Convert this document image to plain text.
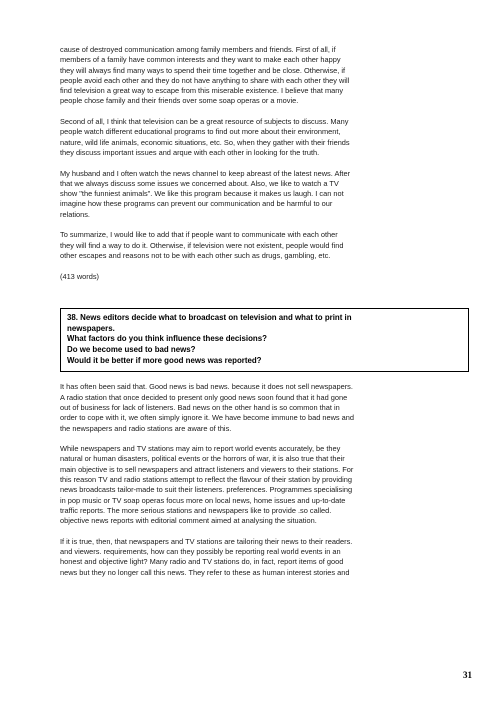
cause of destroyed communication among family members and friends. First of all, if
members of a family have common interests and they want to make each other happy
they will always find many ways to spend their time together and be close. Otherwise, if
people avoid each other and they do not have anything to share with each other they will
find television a great way to escape from this miserable existence. I believe that many
people chose family and their friends over some soap operas or a movie.

Second of all, I think that television can be a great resource of subjects to discuss. Many
people watch different educational programs to find out more about their environment,
nature, wild life animals, economic situations, etc. So, when they gather with their friends
they discuss important issues and arque with each other in looking for the truth.

My husband and I often watch the news channel to keep abreast of the latest news. After
that we always discuss some issues we concerned about. Also, we like to watch a TV
show "the funniest animals". We like this program because it makes us laugh. I can not
imagine how these programs can prevent our communication and be harmful to our
relations.

To summarize, I would like to add that if people want to communicate with each other
they will find a way to do it. Otherwise, if television were not existent, people would find
other escapes and reasons not to be with each other such as drugs, gambling, etc.

(413 words)

38. News editors decide what to broadcast on television and what to print in
newspapers.
What factors do you think influence these decisions?
Do we become used to bad news?
Would it be better if more good news was reported?

It has often been said that. Good news is bad news. because it does not sell newspapers.
A radio station that once decided to present only good news soon found that it had gone
out of business for lack of listeners. Bad news on the other hand is so common that in
order to cope with it, we often simply ignore it. We have become immune to bad news and
the newspapers and radio stations are aware of this.

While newspapers and TV stations may aim to report world events accurately, be they
natural or human disasters, political events or the horrors of war, it is also true that their
main objective is to sell newspapers and attract listeners and viewers to their stations. For
this reason TV and radio stations attempt to reflect the flavour of their station by providing
news broadcasts tailor-made to suit their listeners. preferences. Programmes specialising
in pop music or TV soap operas focus more on local news, home issues and up-to-date
traffic reports. The more serious stations and newspapers like to provide .so called.
objective news reports with editorial comment aimed at analysing the situation.

If it is true, then, that newspapers and TV stations are tailoring their news to their readers.
and viewers. requirements, how can they possibly be reporting real world events in an
honest and objective light? Many radio and TV stations do, in fact, report items of good
news but they no longer call this news. They refer to these as human interest stories and

31
